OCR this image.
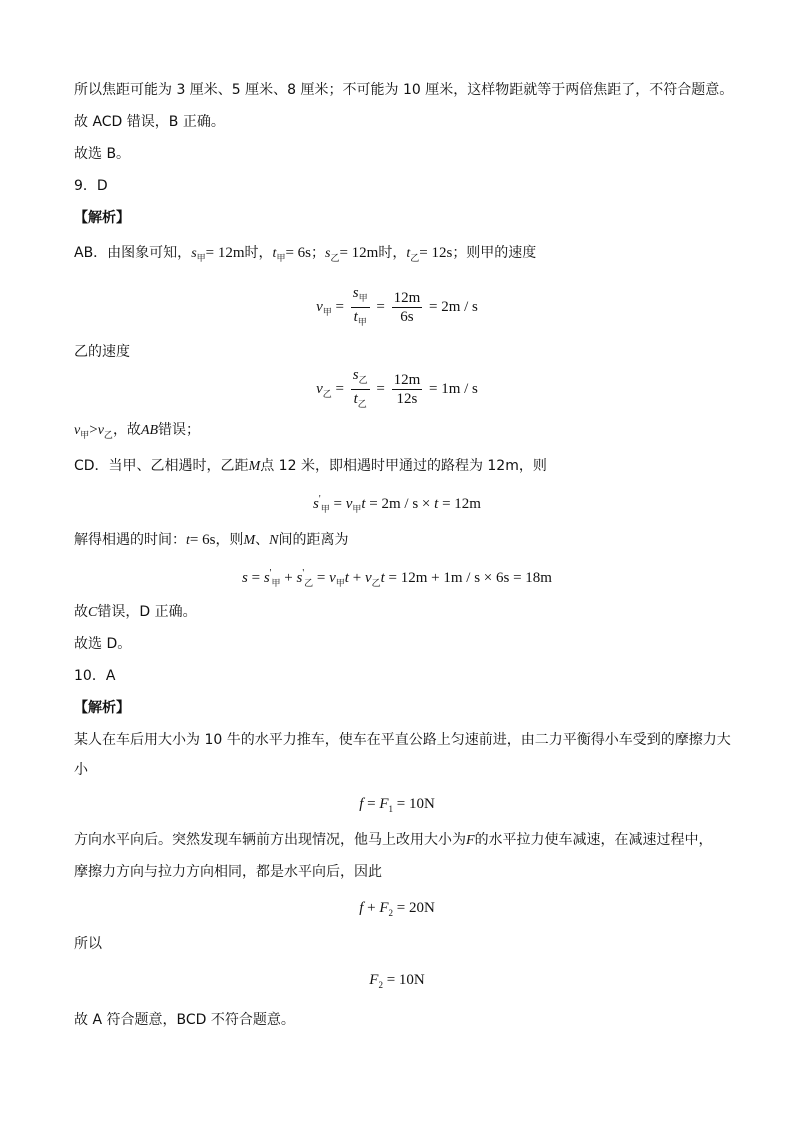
所以焦距可能为 3 厘米、5 厘米、8 厘米；不可能为 10 厘米，这样物距就等于两倍焦距了，不符合题意。
故 ACD 错误，B 正确。
故选 B。
9．D
【解析】
AB．由图象可知，$s_甲= 12m$时，$t_甲= 6s$；$s_乙= 12m$时，$t_乙= 12s$；则甲的速度
$v_甲 = \frac{s_甲}{t_甲} = \frac{12m}{6s} = 2m / s$
乙的速度
$v_乙 = \frac{s_乙}{t_乙} = \frac{12m}{12s} = 1m / s$
$v_甲>v_乙$，故AB错误；
CD．当甲、乙相遇时，乙距M点 12 米，即相遇时甲通过的路程为 12m，则
$s'_甲 = v_甲t = 2m / s \times t = 12m$
解得相遇的时间：t= 6s，则M、N间的距离为
$s = s'_甲 + s'_乙 = v_甲t + v_乙t = 12m + 1m / s \times 6s = 18m$
故C错误，D 正确。
故选 D。
10．A
【解析】
某人在车后用大小为 10 牛的水平力推车，使车在平直公路上匀速前进，由二力平衡得小车受到的摩擦力大
小
$f = F_1 = 10N$
方向水平向后。突然发现车辆前方出现情况，他马上改用大小为F的水平拉力使车减速，在减速过程中，
摩擦力方向与拉力方向相同，都是水平向后，因此
$f + F_2 = 20N$
所以
$F_2 = 10N$
故 A 符合题意，BCD 不符合题意。
